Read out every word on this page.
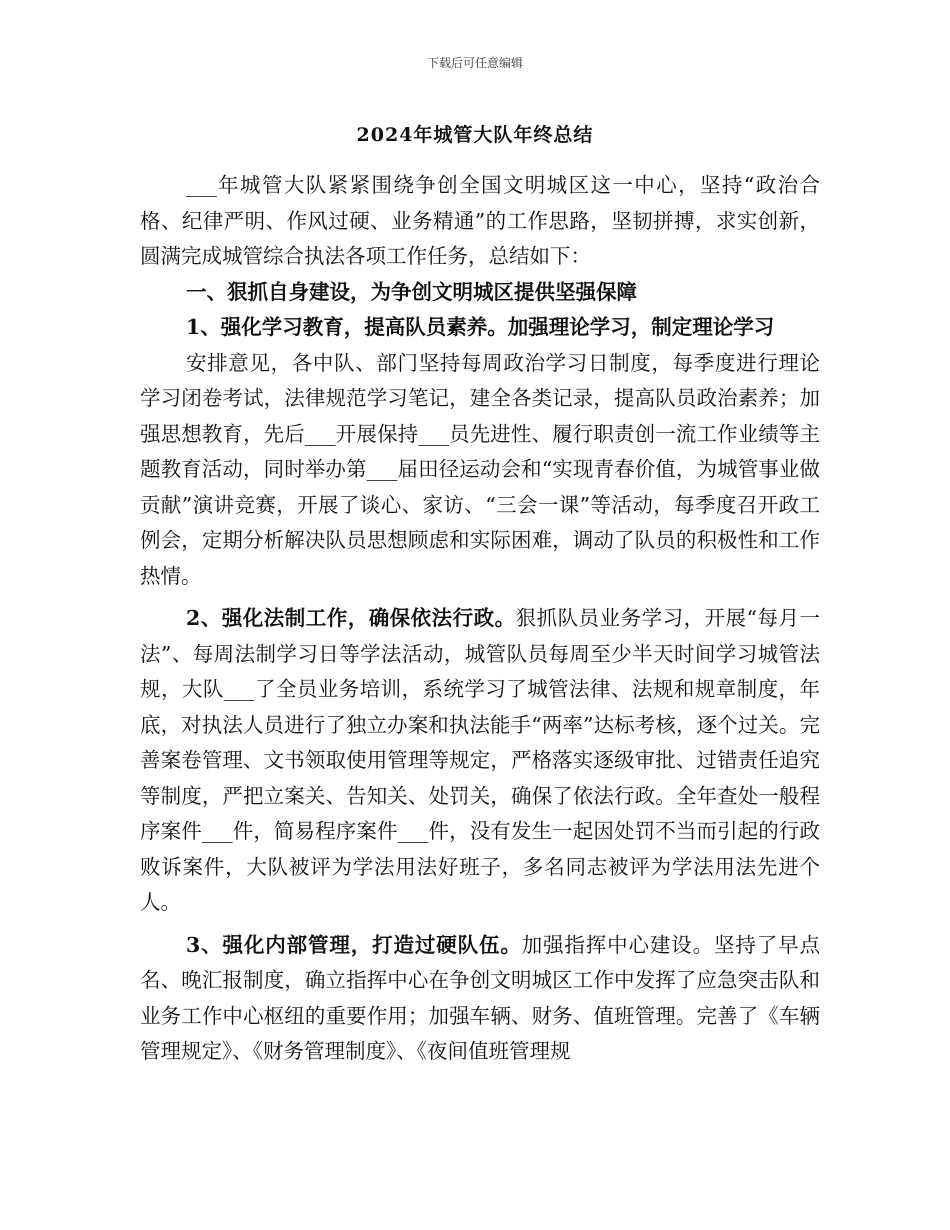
下载后可任意编辑
2024年城管大队年终总结

___年城管大队紧紧围绕争创全国文明城区这一中心，坚持“政治合格、纪律严明、作风过硬、业务精通”的工作思路，坚韧拼搏，求实创新，圆满完成城管综合执法各项工作任务，总结如下：

一、狠抓自身建设，为争创文明城区提供坚强保障

1、强化学习教育，提高队员素养。加强理论学习，制定理论学习

安排意见，各中队、部门坚持每周政治学习日制度，每季度进行理论学习闭卷考试，法律规范学习笔记，建全各类记录，提高队员政治素养；加强思想教育，先后___开展保持___员先进性、履行职责创一流工作业绩等主题教育活动，同时举办第___届田径运动会和“实现青春价值，为城管事业做贡献”演讲竞赛，开展了谈心、家访、“三会一课”等活动，每季度召开政工例会，定期分析解决队员思想顾虑和实际困难，调动了队员的积极性和工作热情。

2、强化法制工作，确保依法行政。狠抓队员业务学习，开展“每月一法”、每周法制学习日等学法活动，城管队员每周至少半天时间学习城管法规，大队___了全员业务培训，系统学习了城管法律、法规和规章制度，年底，对执法人员进行了独立办案和执法能手“两率”达标考核，逐个过关。完善案卷管理、文书领取使用管理等规定，严格落实逐级审批、过错责任追究等制度，严把立案关、告知关、处罚关，确保了依法行政。全年查处一般程序案件___件，简易程序案件___件，没有发生一起因处罚不当而引起的行政败诉案件，大队被评为学法用法好班子，多名同志被评为学法用法先进个人。

3、强化内部管理，打造过硬队伍。加强指挥中心建设。坚持了早点名、晚汇报制度，确立指挥中心在争创文明城区工作中发挥了应急突击队和业务工作中心枢纽的重要作用；加强车辆、财务、值班管理。完善了《车辆管理规定》、《财务管理制度》、《夜间值班管理规
